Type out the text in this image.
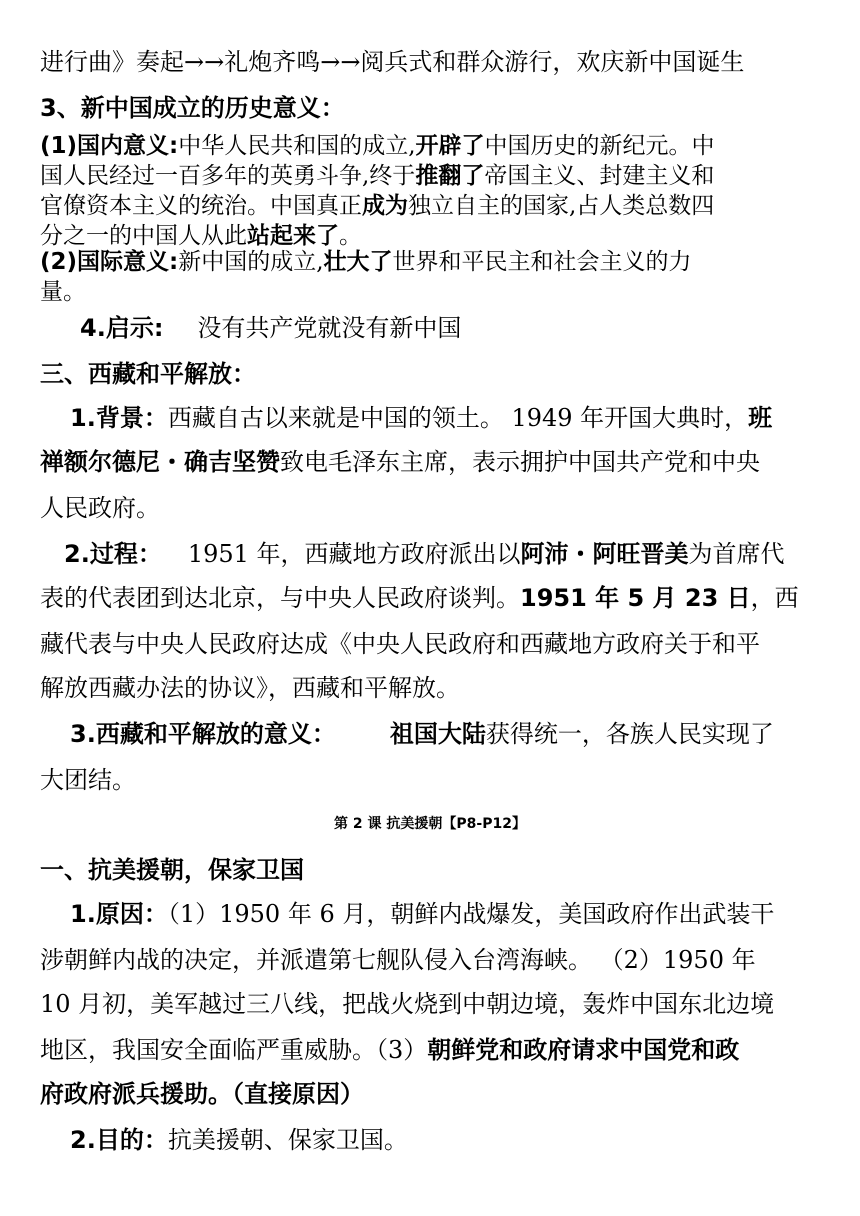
进行曲》奏起→→礼炮齐鸣→→阅兵式和群众游行，欢庆新中国诞生
3、新中国成立的历史意义：
(1)国内意义:中华人民共和国的成立,开辟了中国历史的新纪元。中
国人民经过一百多年的英勇斗争,终于推翻了帝国主义、封建主义和
官僚资本主义的统治。中国真正成为独立自主的国家,占人类总数四
分之一的中国人从此站起来了。
(2)国际意义:新中国的成立,壮大了世界和平民主和社会主义的力
量。
4.启示: 没有共产党就没有新中国
三、西藏和平解放：
1.背景：西藏自古以来就是中国的领土。 1949 年开国大典时，班
禅额尔德尼・确吉坚赞致电毛泽东主席，表示拥护中国共产党和中央
人民政府。
2.过程： 1951 年，西藏地方政府派出以阿沛・阿旺晋美为首席代
表的代表团到达北京，与中央人民政府谈判。1951 年 5 月 23 日，西
藏代表与中央人民政府达成《中央人民政府和西藏地方政府关于和平
解放西藏办法的协议》，西藏和平解放。
3.西藏和平解放的意义： 祖国大陆获得统一，各族人民实现了
大团结。
第 2 课 抗美援朝【P8-P12】
一、抗美援朝，保家卫国
1.原因：（1）1950 年 6 月，朝鲜内战爆发，美国政府作出武装干
涉朝鲜内战的决定，并派遣第七舰队侵入台湾海峡。 （2）1950 年
10 月初，美军越过三八线，把战火烧到中朝边境，轰炸中国东北边境
地区，我国安全面临严重威胁。（3）朝鲜党和政府请求中国党和政
府政府派兵援助。（直接原因）
2.目的：抗美援朝、保家卫国。
